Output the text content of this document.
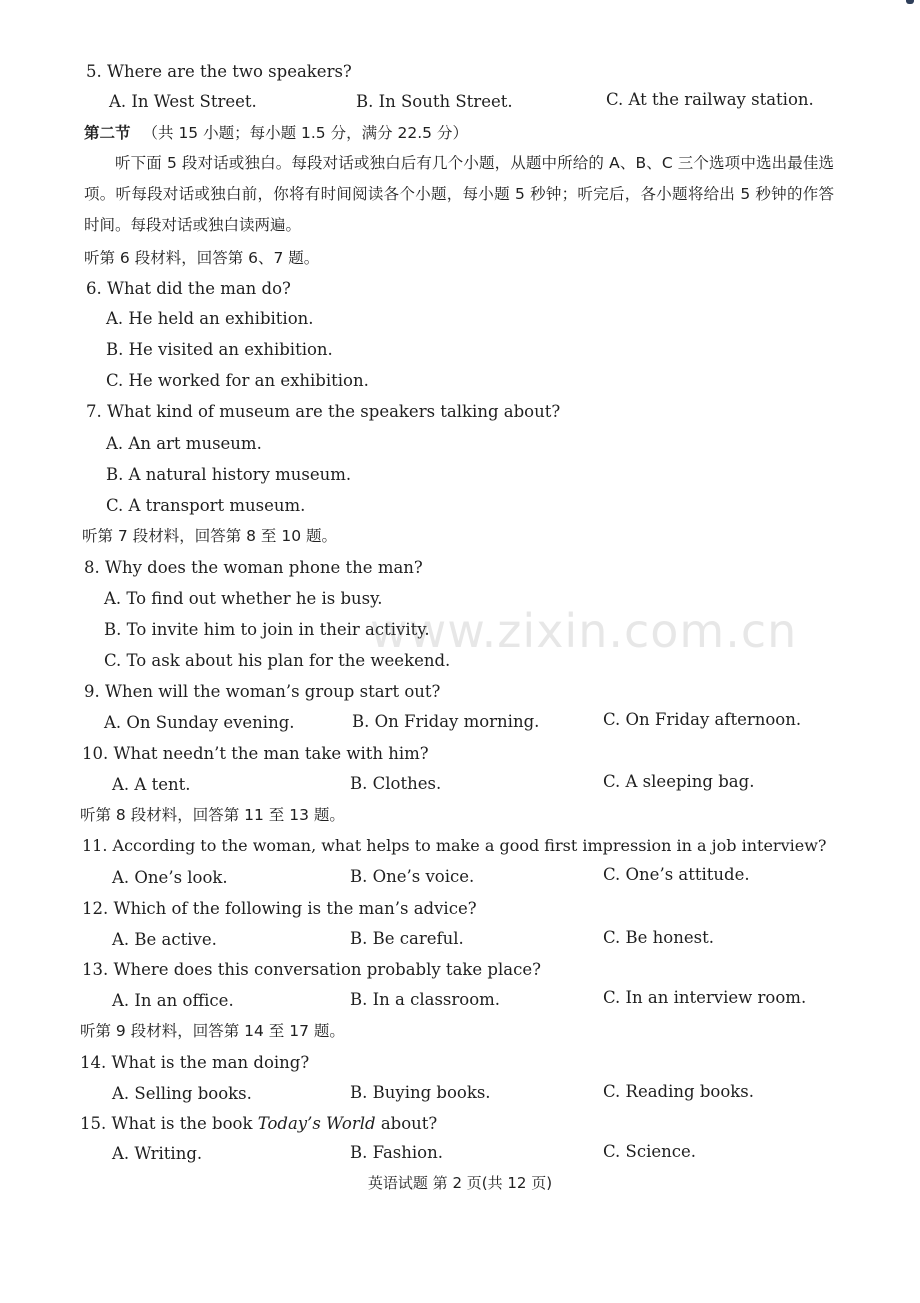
5. Where are the two speakers?
A. In West Street.	B. In South Street.	C. At the railway station.
第二节 （共 15 小题；每小题 1.5 分，满分 22.5 分）
听下面 5 段对话或独白。每段对话或独白后有几个小题，从题中所给的 A、B、C 三个选项中选出最佳选项。听每段对话或独白前，你将有时间阅读各个小题，每小题 5 秒钟；听完后，各小题将给出 5 秒钟的作答时间。每段对话或独白读两遍。
听第 6 段材料，回答第 6、7 题。
6. What did the man do?
A. He held an exhibition.
B. He visited an exhibition.
C. He worked for an exhibition.
7. What kind of museum are the speakers talking about?
A. An art museum.
B. A natural history museum.
C. A transport museum.
听第 7 段材料，回答第 8 至 10 题。
8. Why does the woman phone the man?
A. To find out whether he is busy.
B. To invite him to join in their activity.
C. To ask about his plan for the weekend.
www.zixin.com.cn
9. When will the woman’s group start out?
A. On Sunday evening.	B. On Friday morning.	C. On Friday afternoon.
10. What needn’t the man take with him?
A. A tent.	B. Clothes.	C. A sleeping bag.
听第 8 段材料，回答第 11 至 13 题。
11. According to the woman, what helps to make a good first impression in a job interview?
A. One’s look.	B. One’s voice.	C. One’s attitude.
12. Which of the following is the man’s advice?
A. Be active.	B. Be careful.	C. Be honest.
13. Where does this conversation probably take place?
A. In an office.	B. In a classroom.	C. In an interview room.
听第 9 段材料，回答第 14 至 17 题。
14. What is the man doing?
A. Selling books.	B. Buying books.	C. Reading books.
15. What is the book Today’s World about?
A. Writing.	B. Fashion.	C. Science.
英语试题 第 2 页(共 12 页)
